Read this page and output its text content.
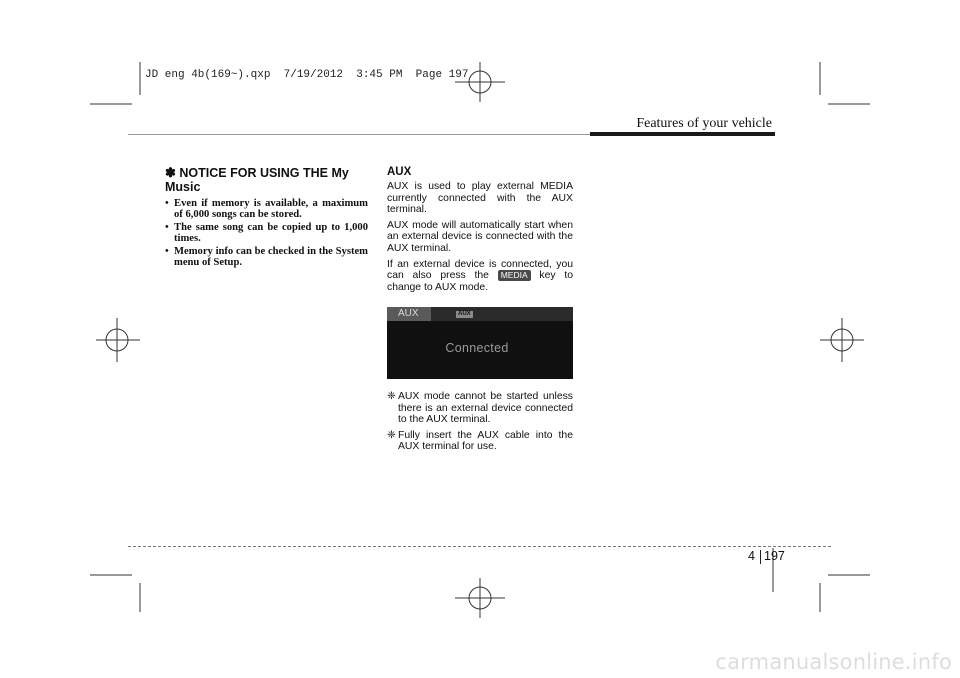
JD eng 4b(169~).qxp  7/19/2012  3:45 PM  Page 197
Features of your vehicle
✽ NOTICE FOR USING THE My Music
• Even if memory is available, a maximum of 6,000 songs can be stored.
• The same song can be copied up to 1,000 times.
• Memory info can be checked in the System menu of Setup.
AUX

AUX is used to play external MEDIA currently connected with the AUX terminal.

AUX mode will automatically start when an external device is connected with the AUX terminal.

If an external device is connected, you can also press the MEDIA key to change to AUX mode.

AUX	AUX
Connected
❈ AUX mode cannot be started unless there is an external device connected to the AUX terminal.
❈ Fully insert the AUX cable into the AUX terminal for use.
4 197
carmanualsonline.info
